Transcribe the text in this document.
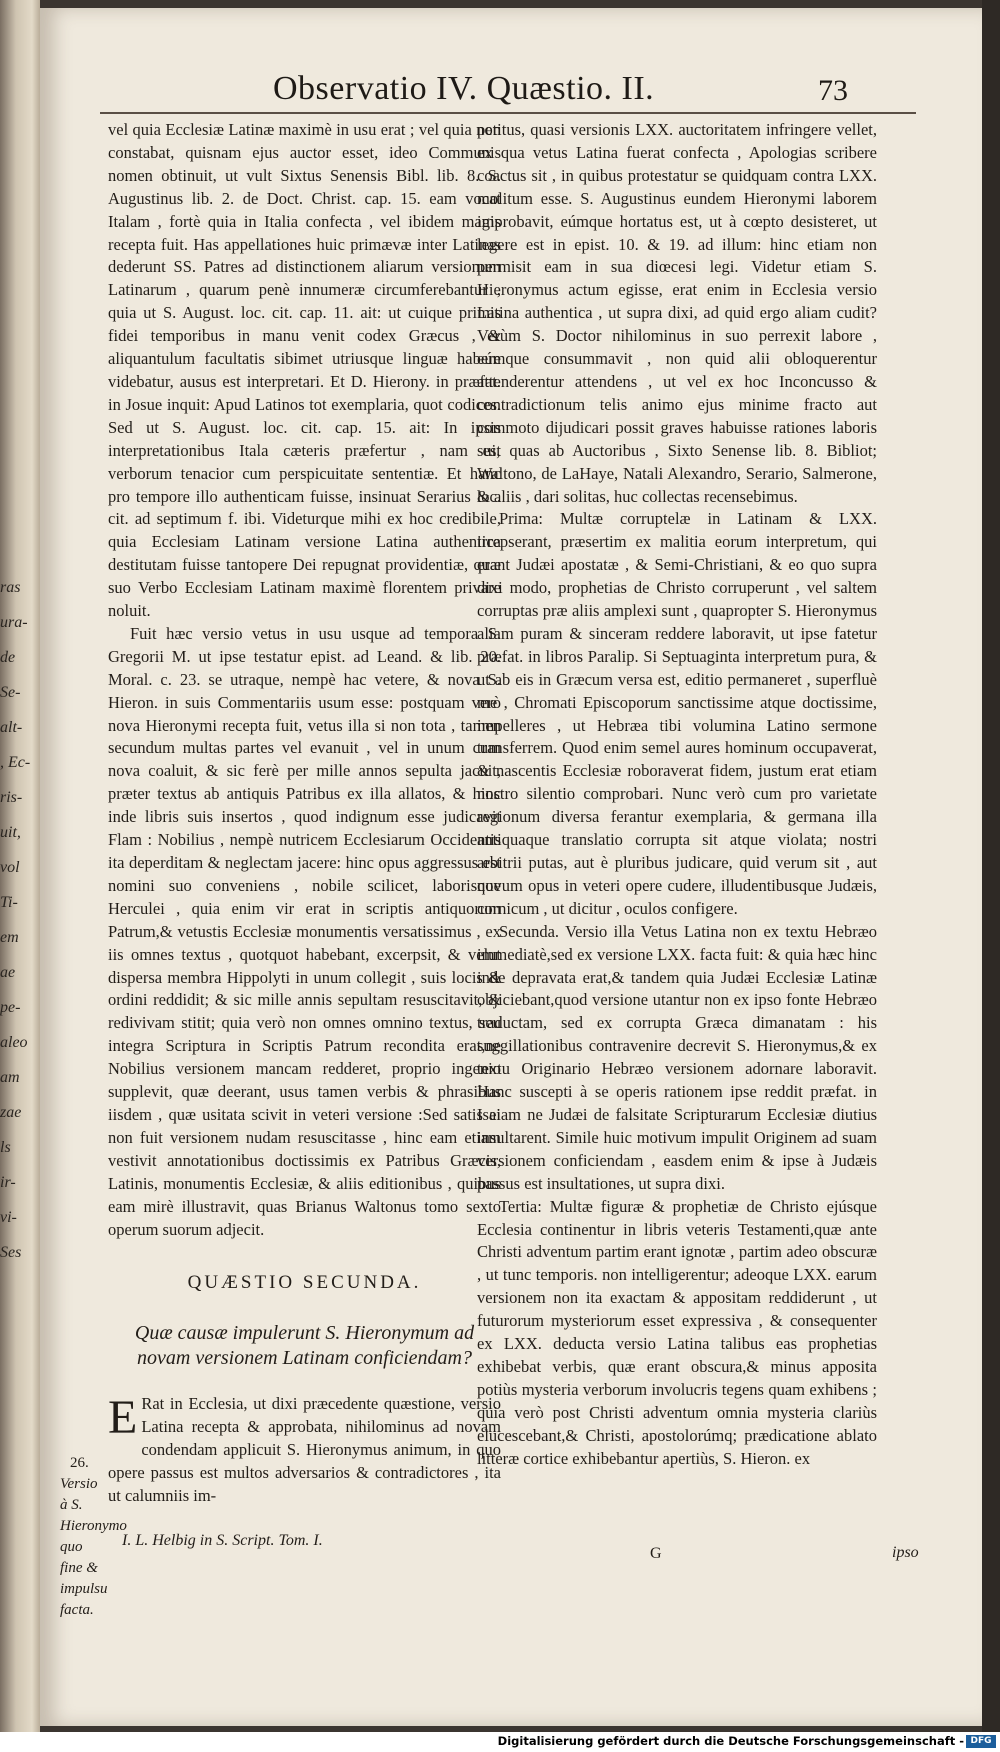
ras
ura-
de
Se-
alt-
, Ec-
ris-
uit,
vol
Ti-
em
ae
pe-
aleo
am
zae
ls
ir-
vi-
Ses
Observatio IV. Quæstio. II.	73

vel quia Ecclesiæ Latinæ maximè in usu erat ; vel quia non constabat, quisnam ejus auctor esset, ideo Communis nomen obtinuit, ut vult Sixtus Senensis Bibl. lib. 8. S. Augustinus lib. 2. de Doct. Christ. cap. 15. eam vocat Italam , fortè quia in Italia confecta , vel ibidem magis recepta fuit. Has appellationes huic primævæ inter Latinas dederunt SS. Patres ad distinctionem aliarum versionum Latinarum , quarum penè innumeræ circumferebantur , quia ut S. August. loc. cit. cap. 11. ait: ut cuique primis fidei temporibus in manu venit codex Græcus , & aliquantulum facultatis sibimet utriusque linguæ habere videbatur, ausus est interpretari. Et D. Hierony. in præfat. in Josue inquit: Apud Latinos tot exemplaria, quot codices. Sed ut S. August. loc. cit. cap. 15. ait: In ipsis interpretationibus Itala cæteris præfertur , nam est verborum tenacior cum perspicuitate sententiæ. Et hanc pro tempore illo authenticam fuisse, insinuat Serarius loc. cit. ad septimum f. ibi. Videturque mihi ex hoc credibile, quia Ecclesiam Latinam versione Latina authentica destitutam fuisse tantopere Dei repugnat providentiæ, quæ suo Verbo Ecclesiam Latinam maximè florentem privare noluit.

Fuit hæc versio vetus in usu usque ad tempora S. Gregorii M. ut ipse testatur epist. ad Leand. & lib. 20. Moral. c. 23. se utraque, nempè hac vetere, & nova S. Hieron. in suis Commentariis usum esse: postquam verò nova Hieronymi recepta fuit, vetus illa si non tota , tamen secundum multas partes vel evanuit , vel in unum cum nova coaluit, & sic ferè per mille annos sepulta jacuit, præter textus ab antiquis Patribus ex illa allatos, & hinc inde libris suis insertos , quod indignum esse judicavit Flam : Nobilius , nempè nutricem Ecclesiarum Occidentis ita deperditam & neglectam jacere: hinc opus aggressus est nomini suo conveniens , nobile scilicet, laborisque Herculei , quia enim vir erat in scriptis antiquorum Patrum,& vetustis Ecclesiæ monumentis versatissimus , ex iis omnes textus , quotquot habebant, excerpsit, & velut dispersa membra Hippolyti in unum collegit , suis locis & ordini reddidit; & sic mille annis sepultam resuscitavit, & redivivam stitit; quia verò non omnes omnino textus, seu integra Scriptura in Scriptis Patrum recondita erat,ne Nobilius versionem mancam redderet, proprio ingenio supplevit, quæ deerant, usus tamen verbis & phrasibus iisdem , quæ usitata scivit in veteri versione :Sed satis ei non fuit versionem nudam resuscitasse , hinc eam etiam vestivit annotationibus doctissimis ex Patribus Græcis, Latinis, monumentis Ecclesiæ, & aliis editionibus , quibus eam mirè illustravit, quas Brianus Waltonus tomo sexto operum suorum adjecit.

QUÆSTIO SECUNDA.

Quæ causæ impulerunt S. Hieronymum ad novam versionem Latinam conficiendam?

E Rat in Ecclesia, ut dixi præcedente quæstione, versio Latina recepta & approbata, nihilominus ad novam condendam applicuit S. Hieronymus animum, in quo opere passus est multos adversarios & contradictores , ita ut calumniis im-

petitus, quasi versionis LXX. auctoritatem infringere vellet, ex qua vetus Latina fuerat confecta , Apologias scribere coactus sit , in quibus protestatur se quidquam contra LXX. molitum esse. S. Augustinus eundem Hieronymi laborem improbavit, eúmque hortatus est, ut à cœpto desisteret, ut legere est in epist. 10. & 19. ad illum: hinc etiam non permisit eam in sua diœcesi legi. Videtur etiam S. Hieronymus actum egisse, erat enim in Ecclesia versio Latina authentica , ut supra dixi, ad quid ergo aliam cudit? Verùm S. Doctor nihilominus in suo perrexit labore , eúmque consummavit , non quid alii obloquerentur attenderentur attendens , ut vel ex hoc Inconcusso & contradictionum telis animo ejus minime fracto aut commoto dijudicari possit graves habuisse rationes laboris sui, quas ab Auctoribus , Sixto Senense lib. 8. Bibliot; Waltono, de LaHaye, Natali Alexandro, Serario, Salmerone, & aliis , dari solitas, huc collectas recensebimus.

Prima: Multæ corruptelæ in Latinam & LXX. irrepserant, præsertim ex malitia eorum interpretum, qui erant Judæi apostatæ , & Semi-Christiani, & eo quo supra dixi modo, prophetias de Christo corruperunt , vel saltem corruptas præ aliis amplexi sunt , quapropter S. Hieronymus aliam puram & sinceram reddere laboravit, ut ipse fatetur præfat. in libros Paralip. Si Septuaginta interpretum pura, & ut ab eis in Græcum versa est, editio permaneret , superfluè me , Chromati Episcoporum sanctissime atque doctissime, impelleres , ut Hebræa tibi volumina Latino sermone transferrem. Quod enim semel aures hominum occupaverat, & nascentis Ecclesiæ roboraverat fidem, justum erat etiam nostro silentio comprobari. Nunc verò cum pro varietate regionum diversa ferantur exemplaria, & germana illa antiquaque translatio corrupta sit atque violata; nostri arbitrii putas, aut è pluribus judicare, quid verum sit , aut novum opus in veteri opere cudere, illudentibusque Judæis, cornicum , ut dicitur , oculos configere.

Secunda. Versio illa Vetus Latina non ex textu Hebræo immediatè,sed ex versione LXX. facta fuit: & quia hæc hinc inde depravata erat,& tandem quia Judæi Ecclesiæ Latinæ objiciebant,quod versione utantur non ex ipso fonte Hebræo traductam, sed ex corrupta Græca dimanatam : his suggillationibus contravenire decrevit S. Hieronymus,& ex textu Originario Hebræo versionem adornare laboravit. Hanc suscepti à se operis rationem ipse reddit præfat. in Isaiam ne Judæi de falsitate Scripturarum Ecclesiæ diutius insultarent. Simile huic motivum impulit Originem ad suam versionem conficiendam , easdem enim & ipse à Judæis passus est insultationes, ut supra dixi.

Tertia: Multæ figuræ & prophetiæ de Christo ejúsque Ecclesia continentur in libris veteris Testamenti,quæ ante Christi adventum partim erant ignotæ , partim adeo obscuræ , ut tunc temporis. non intelligerentur; adeoque LXX. earum versionem non ita exactam & appositam reddiderunt , ut futurorum mysteriorum esset expressiva , & consequenter ex LXX. deducta versio Latina talibus eas prophetias exhibebat verbis, quæ erant obscura,& minus apposita potiùs mysteria verborum involucris tegens quam exhibens ; quia verò post Christi adventum omnia mysteria clariùs elucescebant,& Christi, apostolorúmq; prædicatione ablato litteræ cortice exhibebantur apertiùs, S. Hieron. ex

26.
Versio à S. Hieronymo quo fine & impulsu facta.
I. L. Helbig in S. Script. Tom. I.
G	ipso
Digitalisierung gefördert durch die Deutsche Forschungsgemeinschaft - DFG
